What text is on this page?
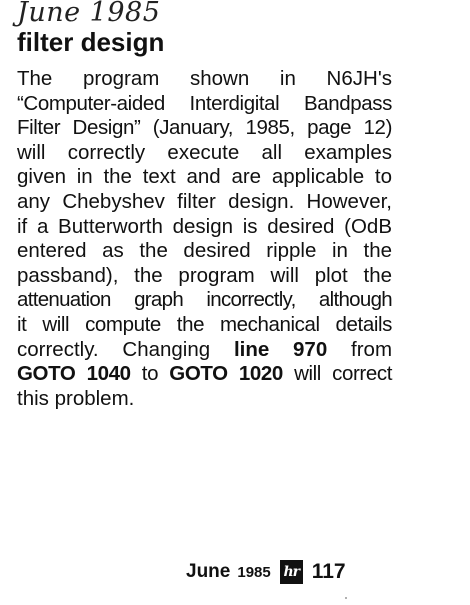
June 1985
filter design
The program shown in N6JH's
“Computer-aided Interdigital Bandpass
Filter Design” (January, 1985, page 12)
will correctly execute all examples
given in the text and are applicable to
any Chebyshev filter design. However,
if a Butterworth design is desired (OdB
entered as the desired ripple in the
passband), the program will plot the
attenuation graph incorrectly, although
it will compute the mechanical details
correctly. Changing line 970 from
GOTO 1040 to GOTO 1020 will correct
this problem.
June 1985 hr 117
